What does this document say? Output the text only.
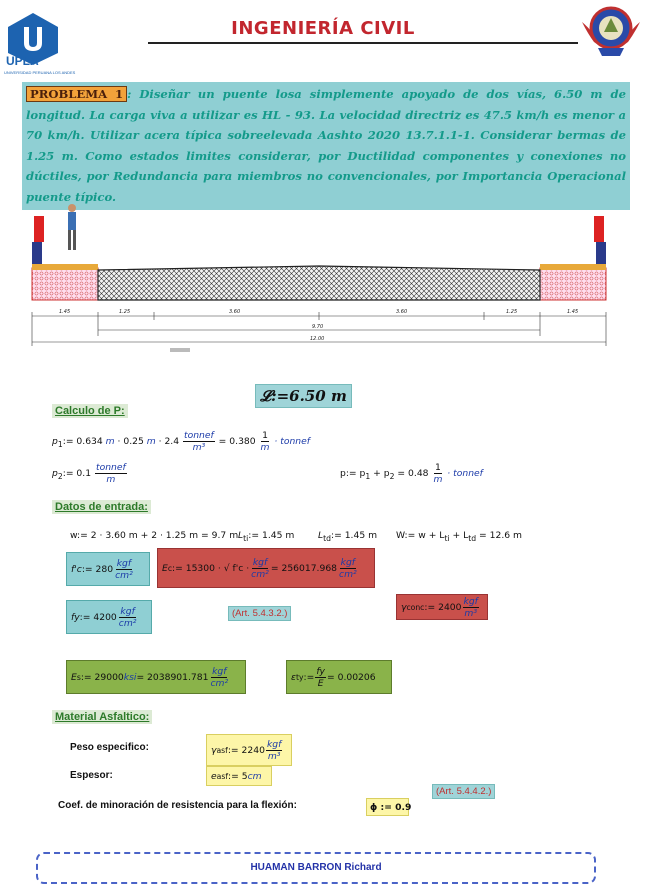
UPLA
UNIVERSIDAD PERUANA LOS ANDES
INGENIERÍA CIVIL
PROBLEMA 1 : Diseñar un puente losa simplemente apoyado de dos vías, 6.50 m de longitud. La carga viva a utilizar es HL - 93. La velocidad directriz es 47.5 km/h es menor a 70 km/h. Utilizar acera típica sobreelevada Aashto 2020 13.7.1.1-1. Considerar bermas de 1.25 m. Como estados limites considerar, por Ductilidad componentes y conexiones no dúctiles, por Redundancia para miembros no convencionales, por Importancia Operacional puente típico.
1.45	1.25	3.60	3.60	1.25	1.45
9.70
12.00
𝓛:=6.50 m
Calculo de P:
$p_1:= 0.634$ m · 0.25 $m \cdot 2.4 \frac{\text{tonnef}}{\text{m³}} = 0.380 \frac{1}{m}$ · tonnef
$p_2:= 0.1 \frac{\text{tonnef}}{m}$	p:= $p_1 + p_2 = 0.48 \frac{1}{m}$ · tonnef
Datos de entrada:
w:= 2 · 3.60 m + 2 · 1.25 m = 9.7 m $L_{ti}:= 1.45$ m	$L_{td}:= 1.45$ m W:= $w + L_{ti} + L_{td} = 12.6$ m
f'c := $280 \frac{\text{kgf}}{\text{cm²}}$	E c := 15300 · √ $f'c \cdot \frac{\text{kgf}}{\text{cm²}} = 256017.968 \frac{\text{kgf}}{\text{cm²}}$
fy := $4200 \frac{\text{kgf}}{\text{cm²}}$	(Art. 5.4.3.2.)
γ conc := $2400 \frac{\text{kgf}}{\text{m³}}$
E s := 29000 ksi = $2038901.781 \frac{\text{kgf}}{\text{cm²}}$	ε ty := $\frac{fy}{E} = 0.00206$
Material Asfaltico:
Peso especifico:	γ asf := $2240 \frac{\text{kgf}}{\text{m³}}$
Espesor:	e asf := 5 cm
(Art. 5.4.4.2.)
Coef. de minoración de resistencia para la flexión:	ϕ := 0.9
HUAMAN BARRON Richard
